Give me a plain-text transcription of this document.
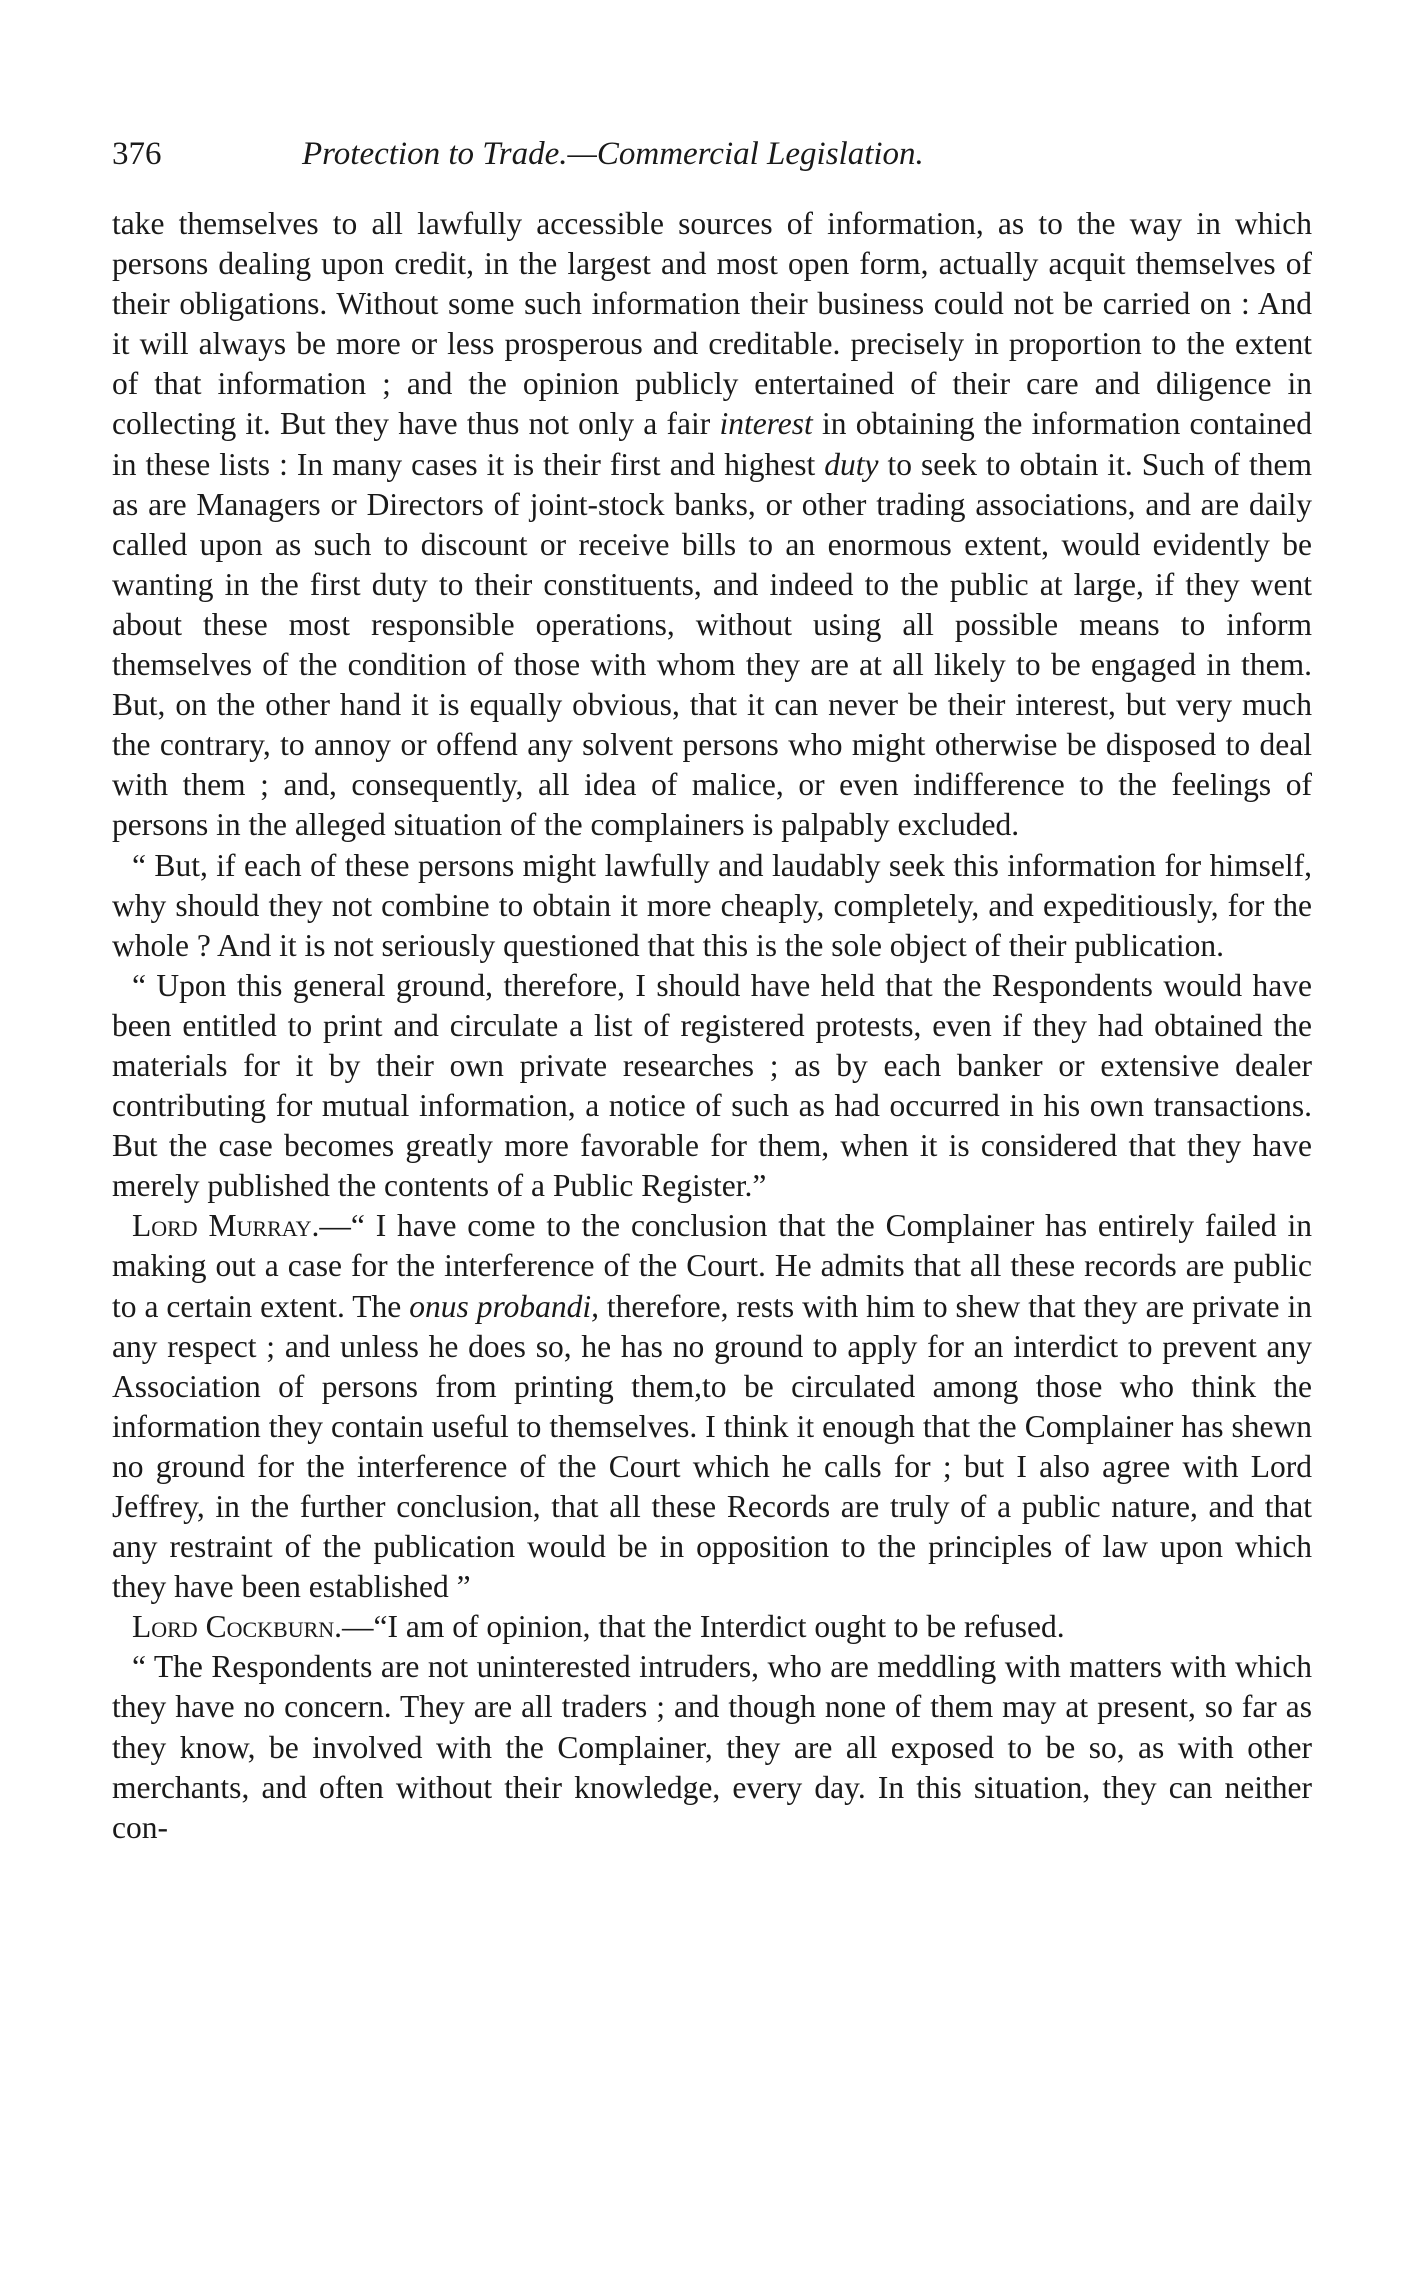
376	Protection to Trade.—Commercial Legislation.

take themselves to all lawfully accessible sources of information, as to the way in which persons dealing upon credit, in the largest and most open form, actually acquit themselves of their obligations. Without some such information their business could not be carried on : And it will always be more or less prosperous and creditable. precisely in proportion to the extent of that information ; and the opinion publicly entertained of their care and diligence in collecting it. But they have thus not only a fair interest in obtaining the information contained in these lists : In many cases it is their first and highest duty to seek to obtain it. Such of them as are Managers or Directors of joint-stock banks, or other trading associations, and are daily called upon as such to discount or receive bills to an enormous extent, would evidently be wanting in the first duty to their constituents, and indeed to the public at large, if they went about these most responsible operations, without using all possible means to inform themselves of the condition of those with whom they are at all likely to be engaged in them. But, on the other hand it is equally obvious, that it can never be their interest, but very much the contrary, to annoy or offend any solvent persons who might otherwise be disposed to deal with them ; and, consequently, all idea of malice, or even indifference to the feelings of persons in the alleged situation of the complainers is palpably excluded.

“ But, if each of these persons might lawfully and laudably seek this information for himself, why should they not combine to obtain it more cheaply, completely, and expeditiously, for the whole ? And it is not seriously questioned that this is the sole object of their publication.

“ Upon this general ground, therefore, I should have held that the Respondents would have been entitled to print and circulate a list of registered protests, even if they had obtained the materials for it by their own private researches ; as by each banker or extensive dealer contributing for mutual information, a notice of such as had occurred in his own transactions. But the case becomes greatly more favorable for them, when it is considered that they have merely published the contents of a Public Register.”

Lord Murray.—“ I have come to the conclusion that the Complainer has entirely failed in making out a case for the interference of the Court. He admits that all these records are public to a certain extent. The onus probandi, therefore, rests with him to shew that they are private in any respect ; and unless he does so, he has no ground to apply for an interdict to prevent any Association of persons from printing them,to be circulated among those who think the information they contain useful to themselves. I think it enough that the Complainer has shewn no ground for the interference of the Court which he calls for ; but I also agree with Lord Jeffrey, in the further conclusion, that all these Records are truly of a public nature, and that any restraint of the publication would be in opposition to the principles of law upon which they have been established ”

Lord Cockburn.—“I am of opinion, that the Interdict ought to be refused.

“ The Respondents are not uninterested intruders, who are meddling with matters with which they have no concern. They are all traders ; and though none of them may at present, so far as they know, be involved with the Complainer, they are all exposed to be so, as with other merchants, and often without their knowledge, every day. In this situation, they can neither con-
